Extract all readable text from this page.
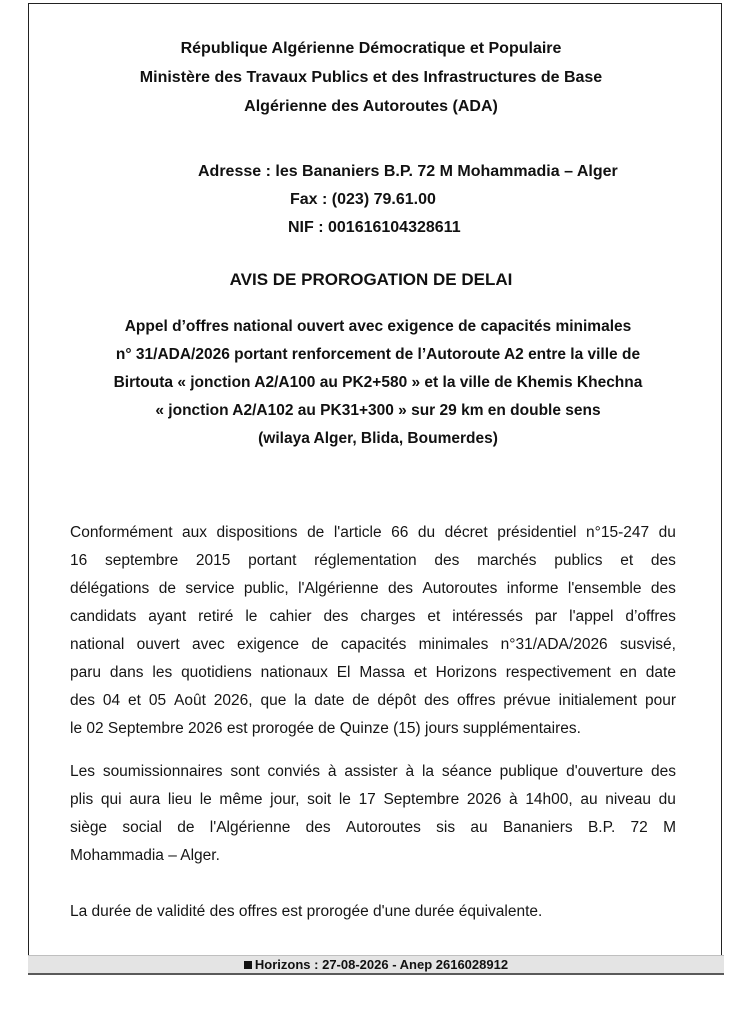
République Algérienne Démocratique et Populaire
Ministère des Travaux Publics et des Infrastructures de Base
Algérienne des Autoroutes (ADA)
Adresse : les Bananiers B.P. 72 M Mohammadia – Alger
Fax : (023) 79.61.00
NIF : 001616104328611
AVIS DE PROROGATION DE DELAI
Appel d’offres national ouvert avec exigence de capacités minimales
n° 31/ADA/2026 portant renforcement de l’Autoroute A2 entre la ville de
Birtouta « jonction A2/A100 au PK2+580 » et la ville de Khemis Khechna
« jonction A2/A102 au PK31+300 » sur 29 km en double sens
(wilaya Alger, Blida, Boumerdes)
Conformément aux dispositions de l'article 66 du décret présidentiel n°15-247 du
16 septembre 2015 portant réglementation des marchés publics et des
délégations de service public, l'Algérienne des Autoroutes informe l'ensemble des
candidats ayant retiré le cahier des charges et intéressés par l'appel d’offres
national ouvert avec exigence de capacités minimales n°31/ADA/2026 susvisé,
paru dans les quotidiens nationaux El Massa et Horizons respectivement en date
des 04 et 05 Août 2026, que la date de dépôt des offres prévue initialement pour
le 02 Septembre 2026 est prorogée de Quinze (15) jours supplémentaires.
Les soumissionnaires sont conviés à assister à la séance publique d'ouverture des
plis qui aura lieu le même jour, soit le 17 Septembre 2026 à 14h00, au niveau du
siège social de l'Algérienne des Autoroutes sis au Bananiers B.P. 72 M
Mohammadia – Alger.
La durée de validité des offres est prorogée d'une durée équivalente.
Horizons : 27-08-2026 - Anep 2616028912
